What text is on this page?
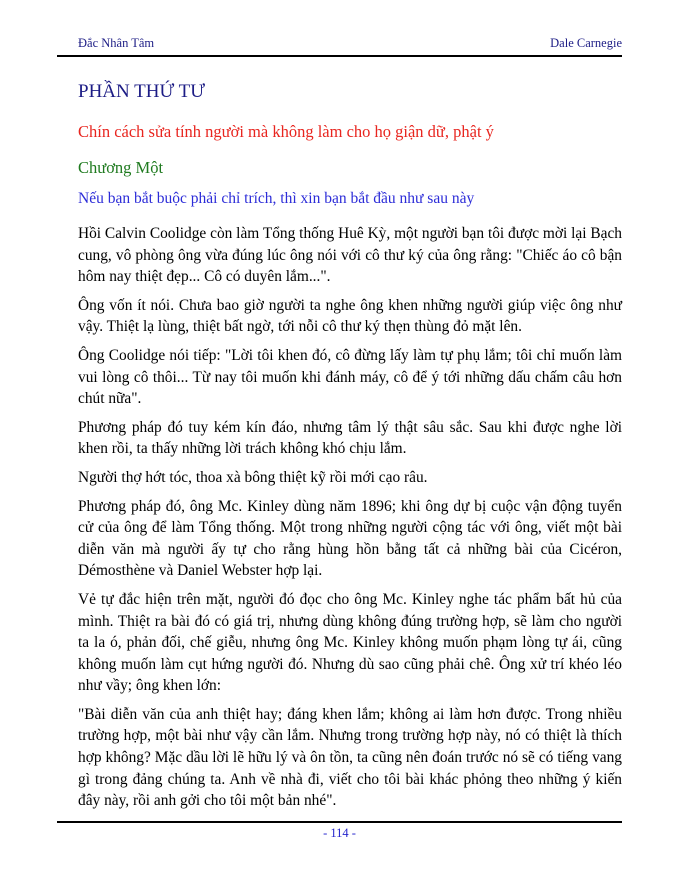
Đắc Nhân Tâm	Dale Carnegie
PHẦN THỨ TƯ
Chín cách sửa tính người mà không làm cho họ giận dữ, phật ý
Chương Một
Nếu bạn bắt buộc phải chỉ trích, thì xin bạn bắt đầu như sau này

Hồi Calvin Coolidge còn làm Tổng thống Huê Kỳ, một người bạn tôi được mời lại Bạch cung, vô phòng ông vừa đúng lúc ông nói với cô thư ký của ông rằng: "Chiếc áo cô bận hôm nay thiệt đẹp... Cô có duyên lắm...".

Ông vốn ít nói. Chưa bao giờ người ta nghe ông khen những người giúp việc ông như vậy. Thiệt lạ lùng, thiệt bất ngờ, tới nỗi cô thư ký thẹn thùng đỏ mặt lên.

Ông Coolidge nói tiếp: "Lời tôi khen đó, cô đừng lấy làm tự phụ lắm; tôi chỉ muốn làm vui lòng cô thôi... Từ nay tôi muốn khi đánh máy, cô để ý tới những dấu chấm câu hơn chút nữa".

Phương pháp đó tuy kém kín đáo, nhưng tâm lý thật sâu sắc. Sau khi được nghe lời khen rồi, ta thấy những lời trách không khó chịu lắm.

Người thợ hớt tóc, thoa xà bông thiệt kỹ rồi mới cạo râu.

Phương pháp đó, ông Mc. Kinley dùng năm 1896; khi ông dự bị cuộc vận động tuyển cử của ông để làm Tổng thống. Một trong những người cộng tác với ông, viết một bài diễn văn mà người ấy tự cho rằng hùng hồn bằng tất cả những bài của Cicéron, Démosthène và Daniel Webster hợp lại.

Vẻ tự đắc hiện trên mặt, người đó đọc cho ông Mc. Kinley nghe tác phẩm bất hủ của mình. Thiệt ra bài đó có giá trị, nhưng dùng không đúng trường hợp, sẽ làm cho người ta la ó, phản đối, chế giễu, nhưng ông Mc. Kinley không muốn phạm lòng tự ái, cũng không muốn làm cụt hứng người đó. Nhưng dù sao cũng phải chê. Ông xử trí khéo léo như vầy; ông khen lớn:

"Bài diễn văn của anh thiệt hay; đáng khen lắm; không ai làm hơn được. Trong nhiều trường hợp, một bài như vậy cần lắm. Nhưng trong trường hợp này, nó có thiệt là thích hợp không? Mặc dầu lời lẽ hữu lý và ôn tồn, ta cũng nên đoán trước nó sẽ có tiếng vang gì trong đảng chúng ta. Anh về nhà đi, viết cho tôi bài khác phỏng theo những ý kiến đây này, rồi anh gởi cho tôi một bản nhé".

- 114 -
